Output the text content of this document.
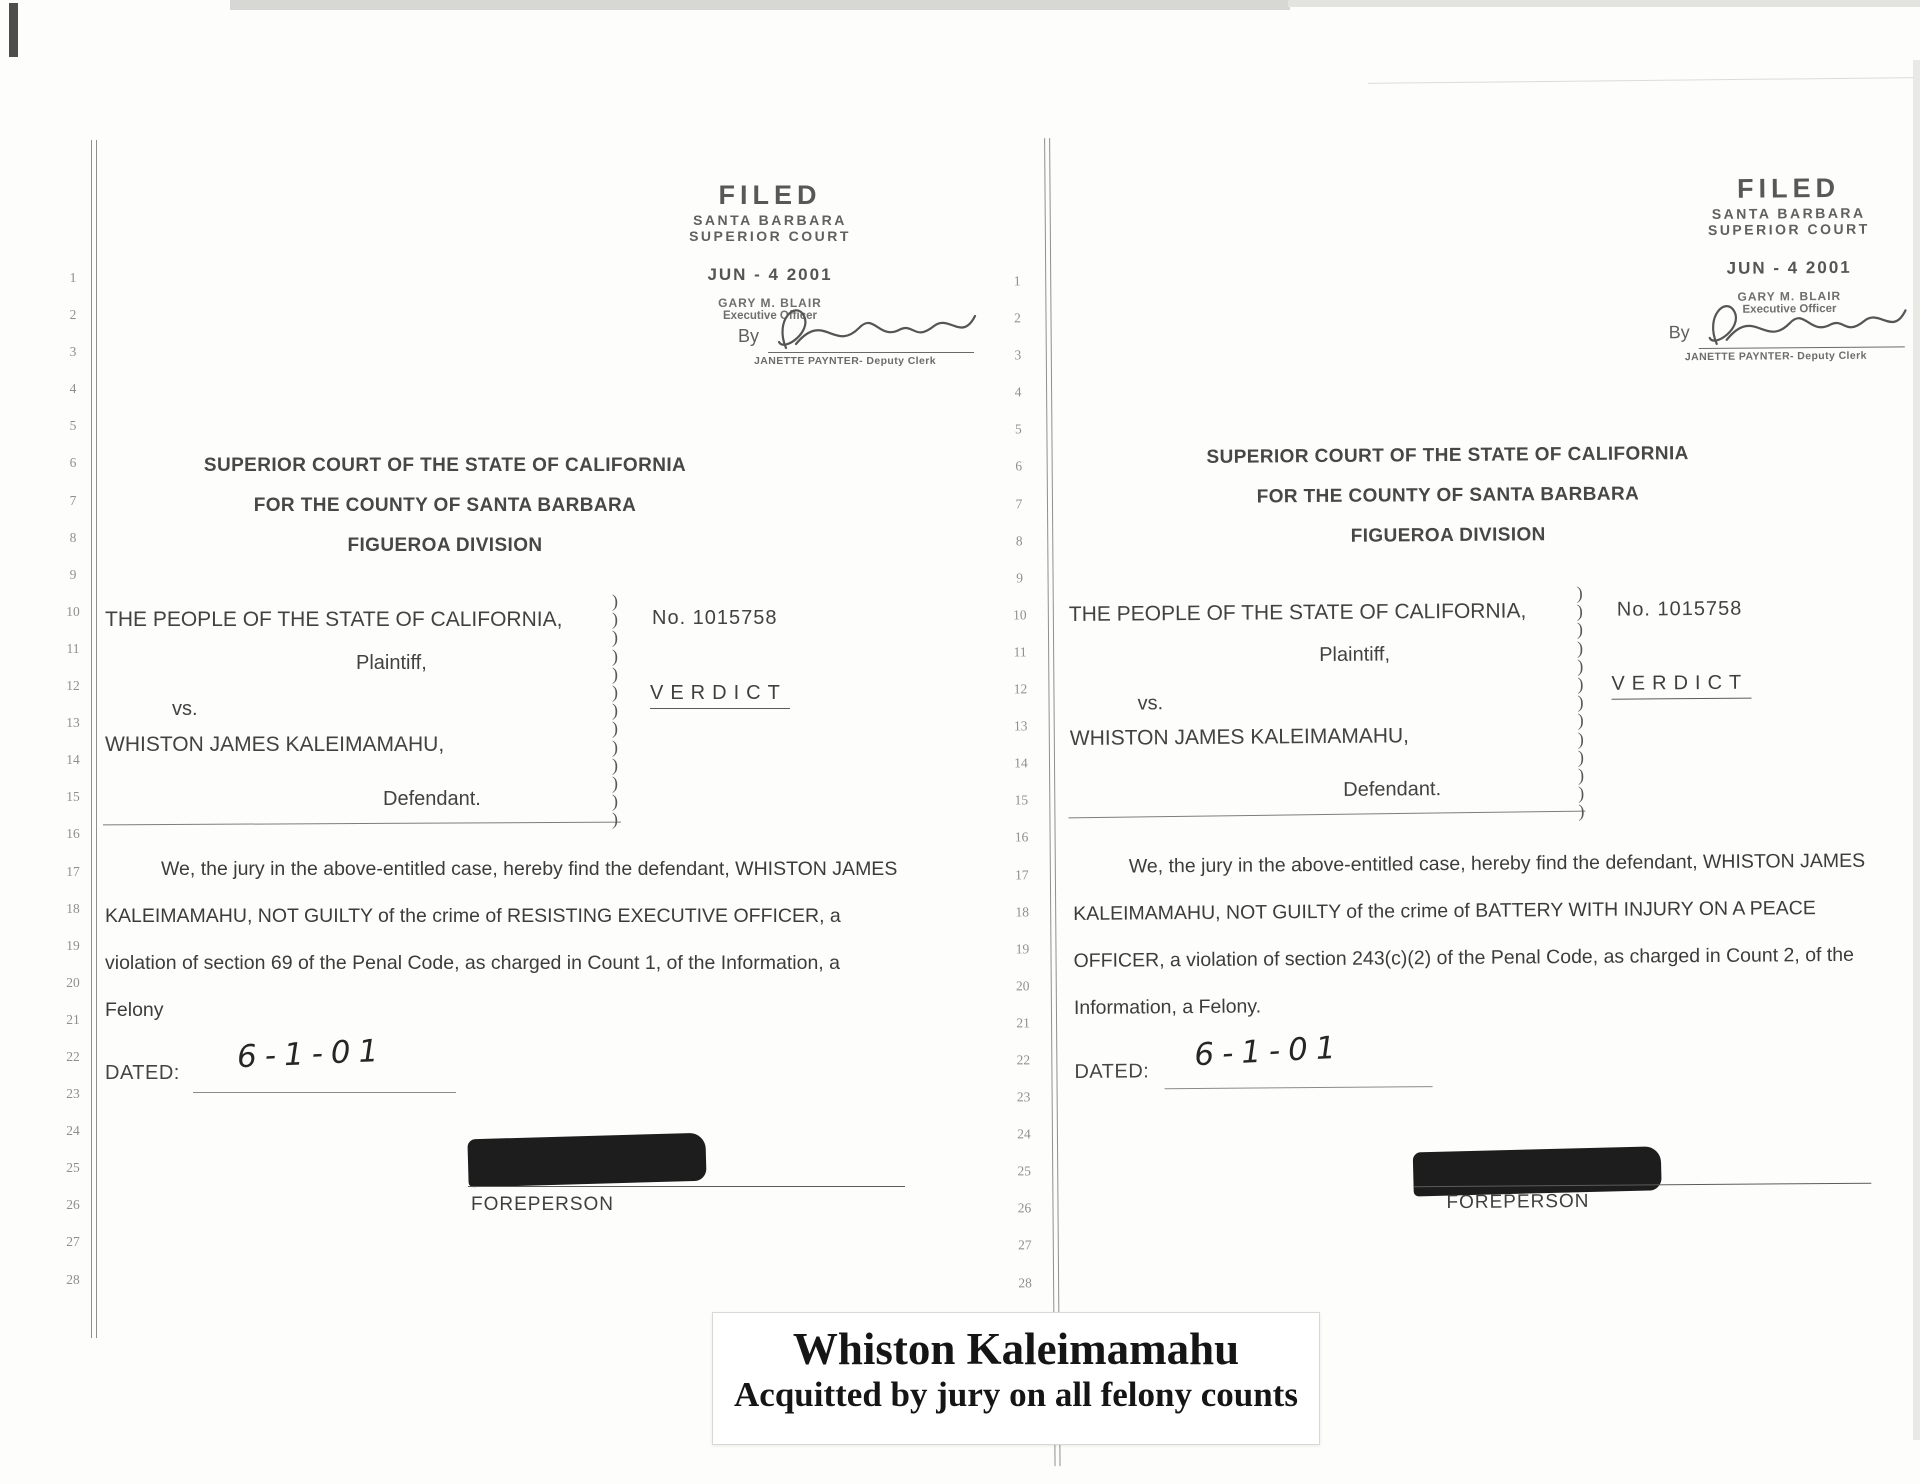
1
2
3
4
5
6
7
8
9
10
11
12
13
14
15
16
17
18
19
20
21
22
23
24
25
26
27
28
FILED
SANTA BARBARA
SUPERIOR COURT
JUN - 4 2001
GARY M. BLAIR
Executive Officer
By
JANETTE PAYNTER- Deputy Clerk
SUPERIOR COURT OF THE STATE OF CALIFORNIA
FOR THE COUNTY OF SANTA BARBARA
FIGUEROA DIVISION
THE PEOPLE OF THE STATE OF CALIFORNIA,
Plaintiff,
vs.
WHISTON JAMES KALEIMAMAHU,
Defendant.
)
)
)
)
)
)
)
)
)
)
)
)
)
No. 1015758
VERDICT
We, the jury in the above-entitled case, hereby find the defendant, WHISTON JAMES
KALEIMAMAHU, NOT GUILTY of the crime of RESISTING EXECUTIVE OFFICER, a
violation of section 69 of the Penal Code, as charged in Count 1, of the Information, a
Felony
DATED: 6-1-01
FOREPERSON
1
2
3
4
5
6
7
8
9
10
11
12
13
14
15
16
17
18
19
20
21
22
23
24
25
26
27
28
FILED
SANTA BARBARA
SUPERIOR COURT
JUN - 4 2001
GARY M. BLAIR
Executive Officer
By
JANETTE PAYNTER- Deputy Clerk
SUPERIOR COURT OF THE STATE OF CALIFORNIA
FOR THE COUNTY OF SANTA BARBARA
FIGUEROA DIVISION
THE PEOPLE OF THE STATE OF CALIFORNIA,
Plaintiff,
vs.
WHISTON JAMES KALEIMAMAHU,
Defendant.
)
)
)
)
)
)
)
)
)
)
)
)
)
No. 1015758
VERDICT
We, the jury in the above-entitled case, hereby find the defendant, WHISTON JAMES
KALEIMAMAHU, NOT GUILTY of the crime of BATTERY WITH INJURY ON A PEACE
OFFICER, a violation of section 243(c)(2) of the Penal Code, as charged in Count 2, of the
Information, a Felony.
DATED: 6-1-01
FOREPERSON
Whiston Kaleimamahu
Acquitted by jury on all felony counts
